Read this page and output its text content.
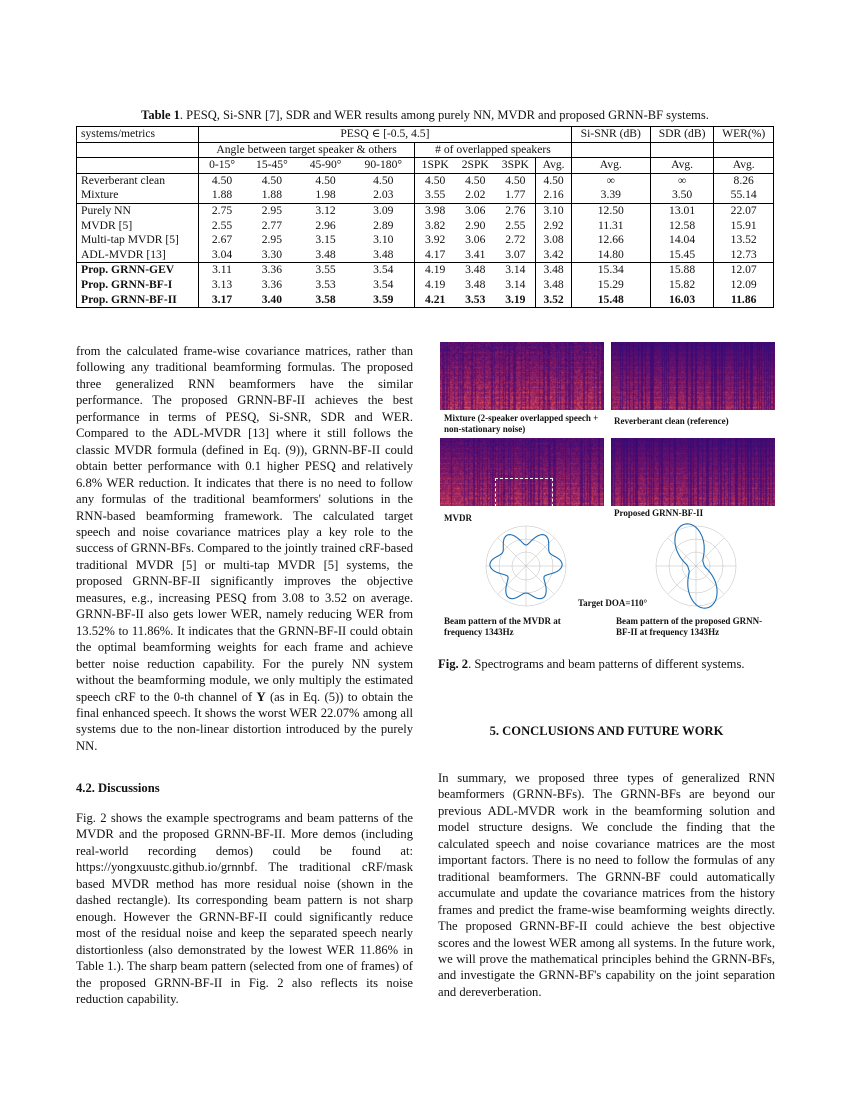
Table 1. PESQ, Si-SNR [7], SDR and WER results among purely NN, MVDR and proposed GRNN-BF systems.
systems/metrics	PESQ ∈ [-0.5, 4.5]								Si-SNR (dB)	SDR (dB)	WER(%)
	Angle between target speaker & others				# of overlapped speakers						
	0-15°	15-45°	45-90°	90-180°	1SPK	2SPK	3SPK	Avg.	Avg.	Avg.	Avg.
Reverberant clean	4.50	4.50	4.50	4.50	4.50	4.50	4.50	4.50	∞	∞	8.26
Mixture	1.88	1.88	1.98	2.03	3.55	2.02	1.77	2.16	3.39	3.50	55.14
Purely NN	2.75	2.95	3.12	3.09	3.98	3.06	2.76	3.10	12.50	13.01	22.07
MVDR [5]	2.55	2.77	2.96	2.89	3.82	2.90	2.55	2.92	11.31	12.58	15.91
Multi-tap MVDR [5]	2.67	2.95	3.15	3.10	3.92	3.06	2.72	3.08	12.66	14.04	13.52
ADL-MVDR [13]	3.04	3.30	3.48	3.48	4.17	3.41	3.07	3.42	14.80	15.45	12.73
Prop. GRNN-GEV	3.11	3.36	3.55	3.54	4.19	3.48	3.14	3.48	15.34	15.88	12.07
Prop. GRNN-BF-I	3.13	3.36	3.53	3.54	4.19	3.48	3.14	3.48	15.29	15.82	12.09
Prop. GRNN-BF-II	3.17	3.40	3.58	3.59	4.21	3.53	3.19	3.52	15.48	16.03	11.86

from the calculated frame-wise covariance matrices, rather than following any traditional beamforming formulas. The proposed three generalized RNN beamformers have the similar performance. The proposed GRNN-BF-II achieves the best performance in terms of PESQ, Si-SNR, SDR and WER. Compared to the ADL-MVDR [13] where it still follows the classic MVDR formula (defined in Eq. (9)), GRNN-BF-II could obtain better performance with 0.1 higher PESQ and relatively 6.8% WER reduction. It indicates that there is no need to follow any formulas of the traditional beamformers' solutions in the RNN-based beamforming framework. The calculated target speech and noise covariance matrices play a key role to the success of GRNN-BFs. Compared to the jointly trained cRF-based traditional MVDR [5] or multi-tap MVDR [5] systems, the proposed GRNN-BF-II significantly improves the objective measures, e.g., increasing PESQ from 3.08 to 3.52 on average. GRNN-BF-II also gets lower WER, namely reducing WER from 13.52% to 11.86%. It indicates that the GRNN-BF-II could obtain the optimal beamforming weights for each frame and achieve better noise reduction capability. For the purely NN system without the beamforming module, we only multiply the estimated speech cRF to the 0-th channel of Y (as in Eq. (5)) to obtain the final enhanced speech. It shows the worst WER 22.07% among all systems due to the non-linear distortion introduced by the purely NN.

4.2. Discussions

Fig. 2 shows the example spectrograms and beam patterns of the MVDR and the proposed GRNN-BF-II. More demos (including real-world recording demos) could be found at: https://yongxuustc.github.io/grnnbf. The traditional cRF/mask based MVDR method has more residual noise (shown in the dashed rectangle). Its corresponding beam pattern is not sharp enough. However the GRNN-BF-II could significantly reduce most of the residual noise and keep the separated speech nearly distortionless (also demonstrated by the lowest WER 11.86% in Table 1.). The sharp beam pattern (selected from one of frames) of the proposed GRNN-BF-II in Fig. 2 also reflects its noise reduction capability.

Mixture (2-speaker overlapped speech + non-stationary noise)
Reverberant clean (reference)
MVDR	Proposed GRNN-BF-II
Target DOA=110°
Beam pattern of the MVDR at frequency 1343Hz
Beam pattern of the proposed GRNN-BF-II at frequency 1343Hz
Fig. 2. Spectrograms and beam patterns of different systems.
5. CONCLUSIONS AND FUTURE WORK

In summary, we proposed three types of generalized RNN beamformers (GRNN-BFs). The GRNN-BFs are beyond our previous ADL-MVDR work in the beamforming solution and model structure designs. We conclude the finding that the calculated speech and noise covariance matrices are the most important factors. There is no need to follow the formulas of any traditional beamformers. The GRNN-BF could automatically accumulate and update the covariance matrices from the history frames and predict the frame-wise beamforming weights directly. The proposed GRNN-BF-II could achieve the best objective scores and the lowest WER among all systems. In the future work, we will prove the mathematical principles behind the GRNN-BFs, and investigate the GRNN-BF's capability on the joint separation and dereverberation.
